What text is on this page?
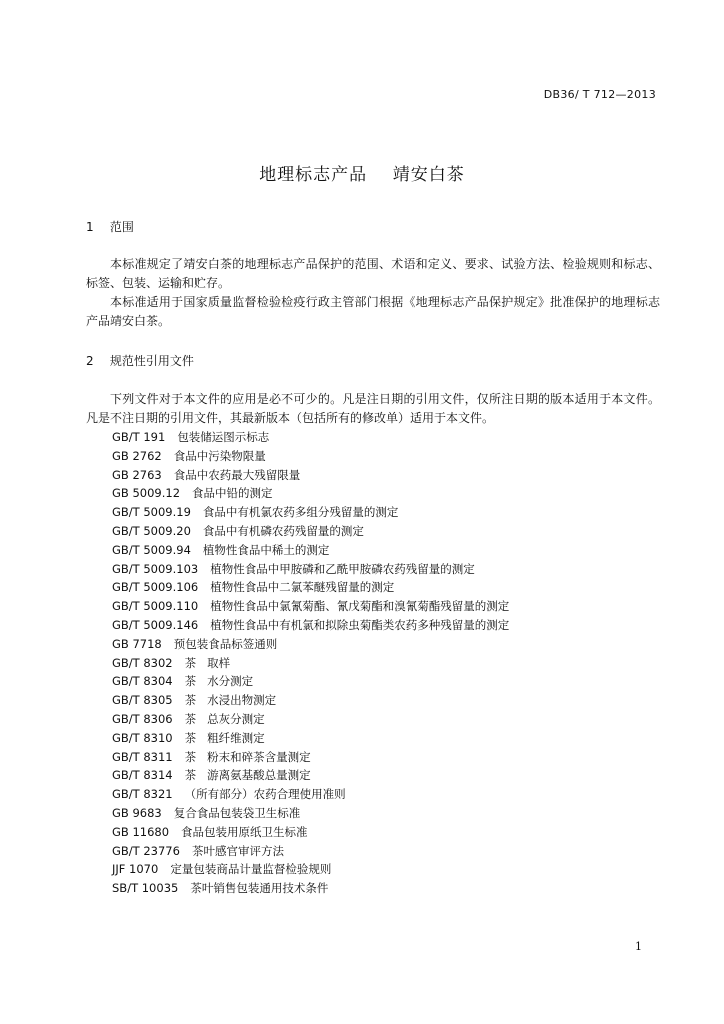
DB36/ T 712—2013
地理标志产品    靖安白茶
1 范围
本标准规定了靖安白茶的地理标志产品保护的范围、术语和定义、要求、试验方法、检验规则和标志、标签、包装、运输和贮存。
本标准适用于国家质量监督检验检疫行政主管部门根据《地理标志产品保护规定》批准保护的地理标志产品靖安白茶。
2 规范性引用文件
下列文件对于本文件的应用是必不可少的。凡是注日期的引用文件，仅所注日期的版本适用于本文件。凡是不注日期的引用文件，其最新版本（包括所有的修改单）适用于本文件。
GB/T 191 包装储运图示标志
GB 2762 食品中污染物限量
GB 2763 食品中农药最大残留限量
GB 5009.12 食品中铅的测定
GB/T 5009.19 食品中有机氯农药多组分残留量的测定
GB/T 5009.20 食品中有机磷农药残留量的测定
GB/T 5009.94 植物性食品中稀土的测定
GB/T 5009.103 植物性食品中甲胺磷和乙酰甲胺磷农药残留量的测定
GB/T 5009.106 植物性食品中二氯苯醚残留量的测定
GB/T 5009.110 植物性食品中氯氰菊酯、氰戊菊酯和溴氰菊酯残留量的测定
GB/T 5009.146 植物性食品中有机氯和拟除虫菊酯类农药多种残留量的测定
GB 7718 预包装食品标签通则
GB/T 8302 茶   取样
GB/T 8304 茶   水分测定
GB/T 8305 茶   水浸出物测定
GB/T 8306 茶   总灰分测定
GB/T 8310 茶   粗纤维测定
GB/T 8311 茶   粉末和碎茶含量测定
GB/T 8314 茶   游离氨基酸总量测定
GB/T 8321 （所有部分）农药合理使用准则
GB 9683 复合食品包装袋卫生标准
GB 11680 食品包装用原纸卫生标准
GB/T 23776 茶叶感官审评方法
JJF 1070 定量包装商品计量监督检验规则
SB/T 10035 茶叶销售包装通用技术条件
1
